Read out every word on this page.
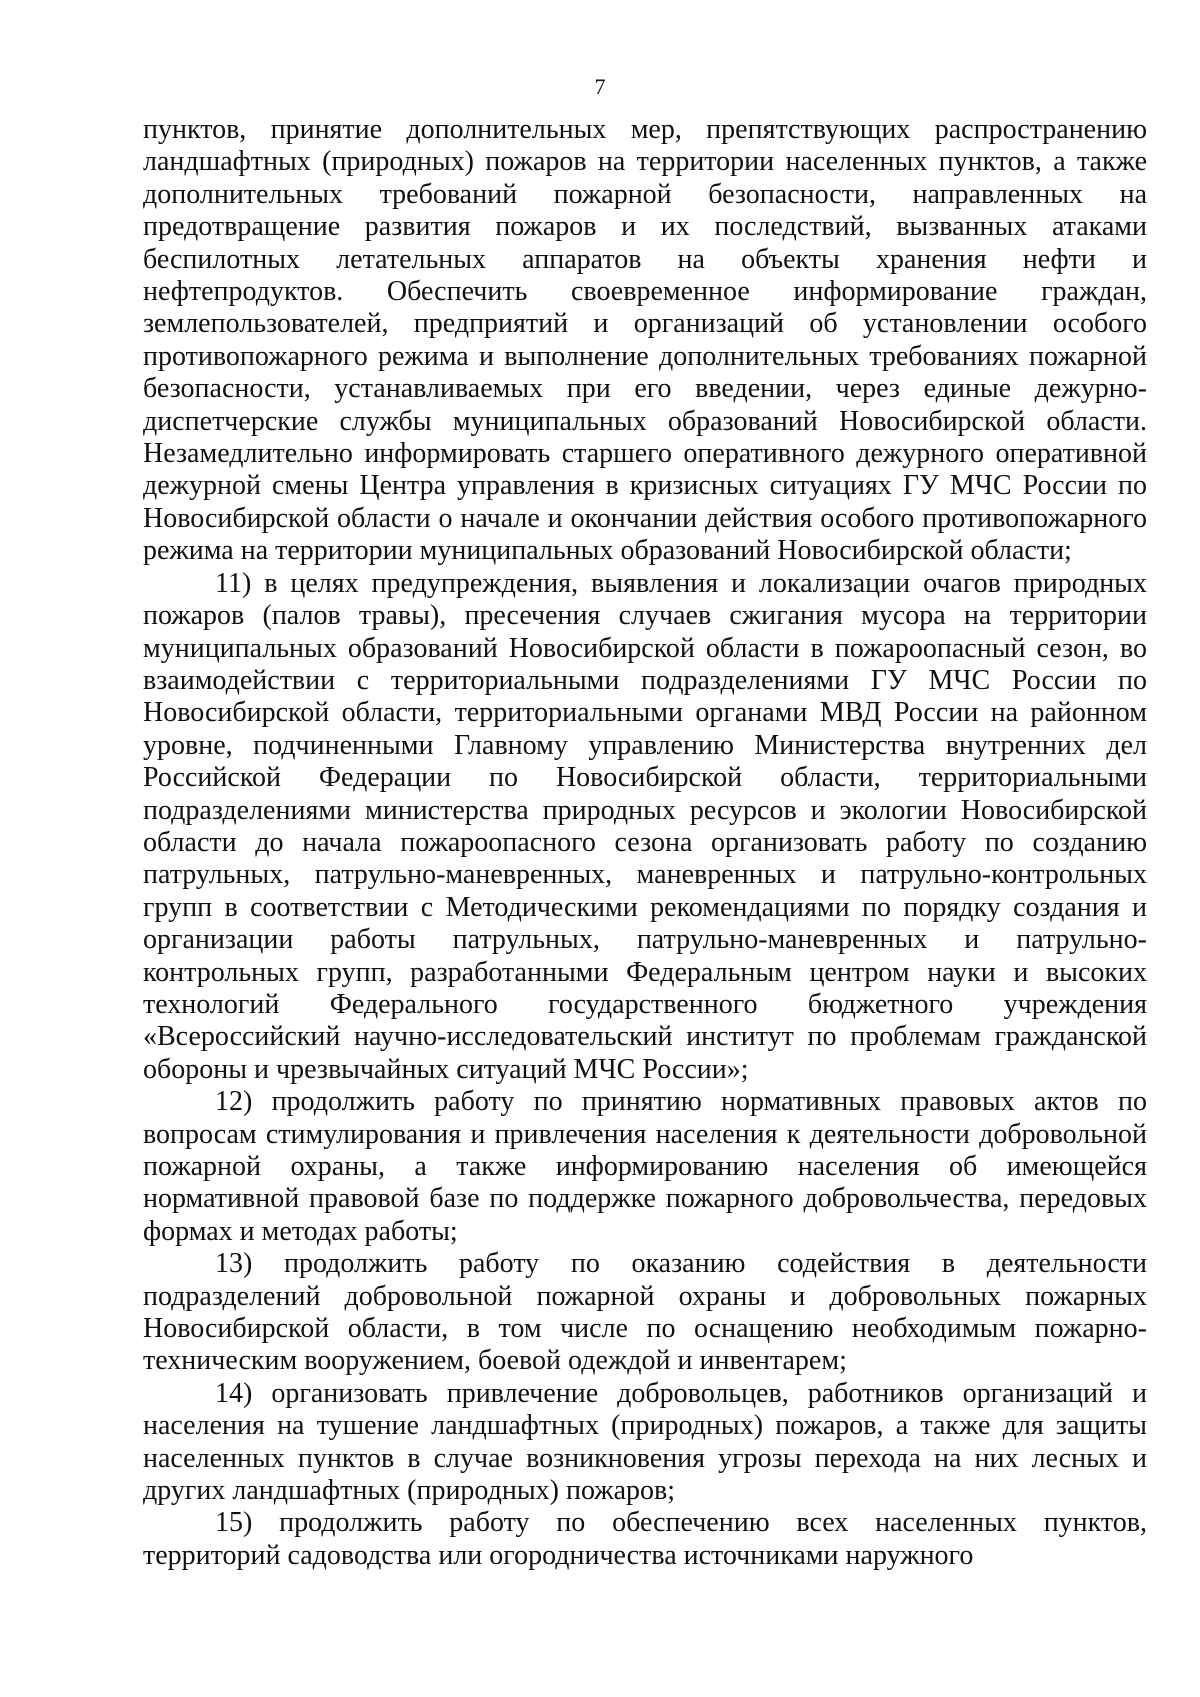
7

пунктов, принятие дополнительных мер, препятствующих распространению ландшафтных (природных) пожаров на территории населенных пунктов, а также дополнительных требований пожарной безопасности, направленных на предотвращение развития пожаров и их последствий, вызванных атаками беспилотных летательных аппаратов на объекты хранения нефти и нефтепродуктов. Обеспечить своевременное информирование граждан, землепользователей, предприятий и организаций об установлении особого противопожарного режима и выполнение дополнительных требованиях пожарной безопасности, устанавливаемых при его введении, через единые дежурно-диспетчерские службы муниципальных образований Новосибирской области. Незамедлительно информировать старшего оперативного дежурного оперативной дежурной смены Центра управления в кризисных ситуациях ГУ МЧС России по Новосибирской области о начале и окончании действия особого противопожарного режима на территории муниципальных образований Новосибирской области;

11) в целях предупреждения, выявления и локализации очагов природных пожаров (палов травы), пресечения случаев сжигания мусора на территории муниципальных образований Новосибирской области в пожароопасный сезон, во взаимодействии с территориальными подразделениями ГУ МЧС России по Новосибирской области, территориальными органами МВД России на районном уровне, подчиненными Главному управлению Министерства внутренних дел Российской Федерации по Новосибирской области, территориальными подразделениями министерства природных ресурсов и экологии Новосибирской области до начала пожароопасного сезона организовать работу по созданию патрульных, патрульно-маневренных, маневренных и патрульно-контрольных групп в соответствии с Методическими рекомендациями по порядку создания и организации работы патрульных, патрульно-маневренных и патрульно-контрольных групп, разработанными Федеральным центром науки и высоких технологий Федерального государственного бюджетного учреждения «Всероссийский научно-исследовательский институт по проблемам гражданской обороны и чрезвычайных ситуаций МЧС России»;

12) продолжить работу по принятию нормативных правовых актов по вопросам стимулирования и привлечения населения к деятельности добровольной пожарной охраны, а также информированию населения об имеющейся нормативной правовой базе по поддержке пожарного добровольчества, передовых формах и методах работы;

13) продолжить работу по оказанию содействия в деятельности подразделений добровольной пожарной охраны и добровольных пожарных Новосибирской области, в том числе по оснащению необходимым пожарно-техническим вооружением, боевой одеждой и инвентарем;

14) организовать привлечение добровольцев, работников организаций и населения на тушение ландшафтных (природных) пожаров, а также для защиты населенных пунктов в случае возникновения угрозы перехода на них лесных и других ландшафтных (природных) пожаров;

15) продолжить работу по обеспечению всех населенных пунктов, территорий садоводства или огородничества источниками наружного
